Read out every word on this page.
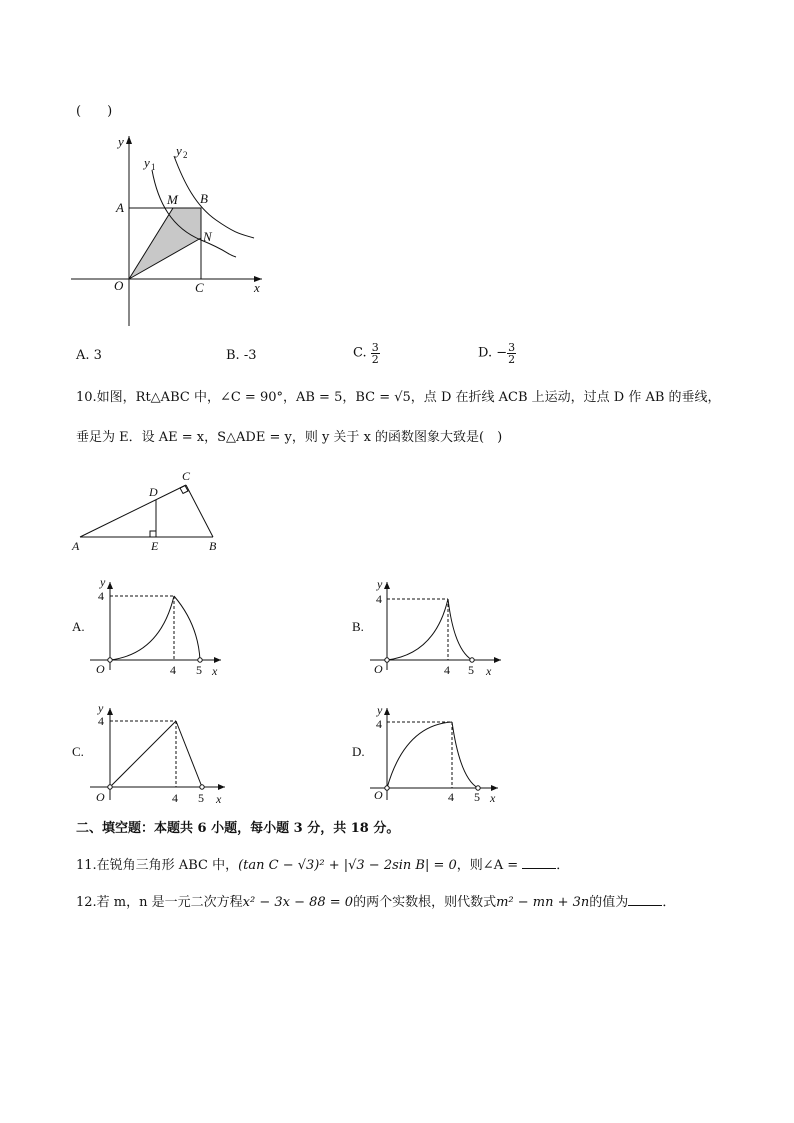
(　　)
y
x
O
y 1
y 2
A
M B
N
C
A. 3	B. -3	C. $\frac{3}{2}$	D. − $\frac{3}{2}$
10.如图，Rt△ABC 中，∠C = 90°，AB = 5，BC = √5，点 D 在折线 ACB 上运动，过点 D 作 AB 的垂线，
垂足为 E．设 AE = x，S△ADE = y，则 y 关于 x 的函数图象大致是(　)
A	E	B
D
C
A.
y
4
O	4 5 x
B.
y
4
O	4 5 x
C.
y
4
O	4 5 x
D.
y
4
O	4 5 x
二、填空题：本题共 6 小题，每小题 3 分，共 18 分。
11.在锐角三角形 ABC 中，(tan C − √3)² + |√3 − 2sin B| = 0，则∠A =	．
12.若 m，n 是一元二次方程x² − 3x − 88 = 0的两个实数根，则代数式m² − mn + 3n的值为	．
